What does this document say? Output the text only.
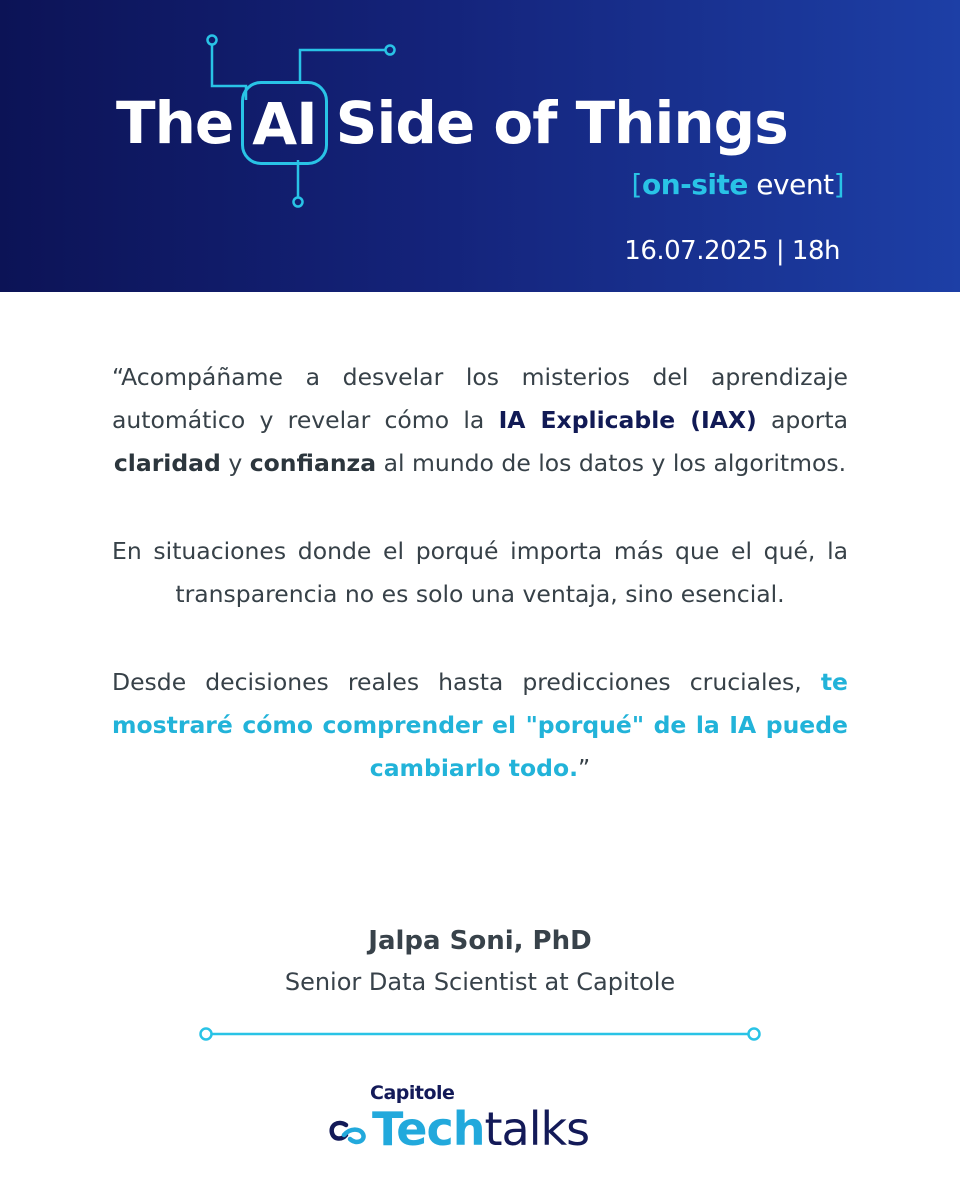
The AI Side of Things
[on-site event]
16.07.2025 | 18h

“Acompáñame a desvelar los misterios del aprendizaje automático y revelar cómo la IA Explicable (IAX) aporta claridad y confianza al mundo de los datos y los algoritmos.

En situaciones donde el porqué importa más que el qué, la transparencia no es solo una ventaja, sino esencial.

Desde decisiones reales hasta predicciones cruciales, te mostraré cómo comprender el "porqué" de la IA puede cambiarlo todo.”

Jalpa Soni, PhD
Senior Data Scientist at Capitole
Capitole
Techtalks
